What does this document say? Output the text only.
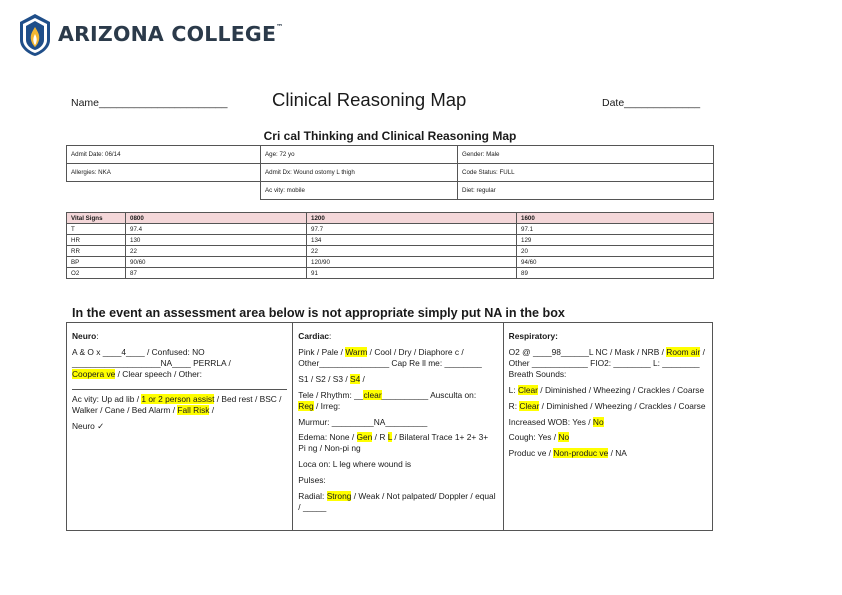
ARIZONA COLLEGE™
Name______________________ Clinical Reasoning Map	Date_____________
Cri cal Thinking and Clinical Reasoning Map
Admit Date: 06/14	Age: 72 yo	Gender: Male
Allergies: NKA	Admit Dx: Wound ostomy L thigh	Code Status: FULL
	Ac vity: mobile	Diet: regular
Vital Signs	0800	1200	1600
T	97.4	97.7	97.1
HR	130	134	129
RR	22	22	20
BP	90/60	120/90	94/60
O2	87	91	89
In the event an assessment area below is not appropriate simply put NA in the box

Neuro:

A & O x ____4____ / Confused: NO

___________________NA____ PERRLA /

Coopera ve / Clear speech / Other:

Ac vity: Up ad lib / 1 or 2 person assist / Bed rest / BSC / Walker / Cane / Bed Alarm / Fall Risk /

Neuro ✓

Cardiac:

Pink / Pale / Warm / Cool / Dry / Diaphore c /

Other_______________ Cap Re ll me: ________

S1 / S2 / S3 / S4 /

Tele / Rhythm: __clear__________ Ausculta on:
Reg / Irreg:

Murmur: _________NA_________

Edema: None / Gen / R L / Bilateral Trace 1+ 2+ 3+

Pi ng / Non-pi ng

Loca on: L leg where wound is

Pulses:

Radial: Strong / Weak / Not palpated/ Doppler / equal / _____

Respiratory:

O2 @ ____98______L NC / Mask / NRB / Room air / Other ____________ FIO2: ________ L: ________ Breath Sounds:

L: Clear / Diminished / Wheezing / Crackles / Coarse

R: Clear / Diminished / Wheezing / Crackles / Coarse

Increased WOB: Yes / No

Cough: Yes / No

Produc ve / Non-produc ve / NA
